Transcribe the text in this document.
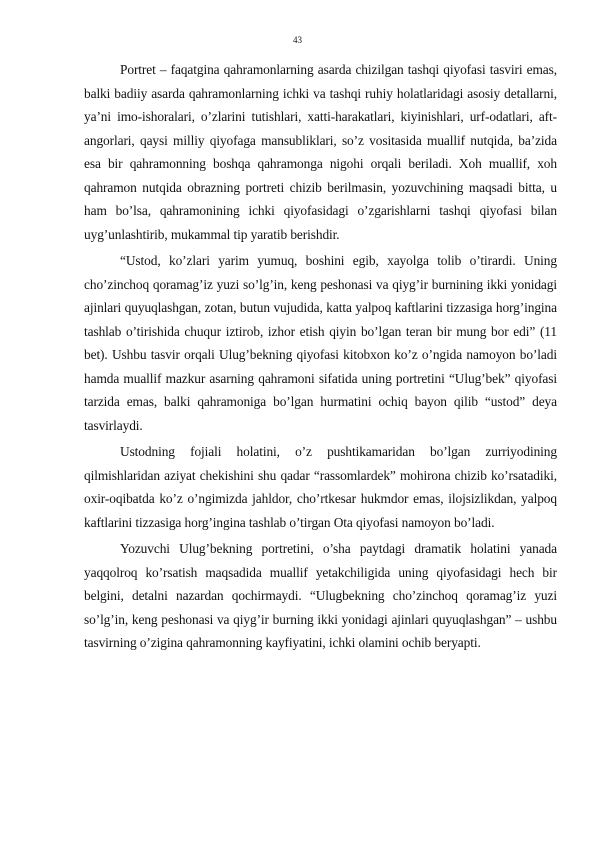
43

Portret – faqatgina qahramonlarning asarda chizilgan tashqi qiyofasi tasviri emas, balki badiiy asarda qahramonlarning ichki va tashqi ruhiy holatlaridagi asosiy detallarni, ya’ni imo-ishoralari, o’zlarini tutishlari, xatti-harakatlari, kiyinishlari, urf-odatlari, aft-angorlari, qaysi milliy qiyofaga mansubliklari, so’z vositasida muallif nutqida, ba’zida esa bir qahramonning boshqa qahramonga nigohi orqali beriladi. Xoh muallif, xoh qahramon nutqida obrazning portreti chizib berilmasin, yozuvchining maqsadi bitta, u ham bo’lsa, qahramonining ichki qiyofasidagi o’zgarishlarni tashqi qiyofasi bilan uyg’unlashtirib, mukammal tip yaratib berishdir.

“Ustod, ko’zlari yarim yumuq, boshini egib, xayolga tolib o’tirardi. Uning cho’zinchoq qoramag’iz yuzi so’lg’in, keng peshonasi va qiyg’ir burnining ikki yonidagi ajinlari quyuqlashgan, zotan, butun vujudida, katta yalpoq kaftlarini tizzasiga horg’ingina tashlab o’tirishida chuqur iztirob, izhor etish qiyin bo’lgan teran bir mung bor edi” (11 bet). Ushbu tasvir orqali Ulug’bekning qiyofasi kitobxon ko’z o’ngida namoyon bo’ladi hamda muallif mazkur asarning qahramoni sifatida uning portretini “Ulug’bek” qiyofasi tarzida emas, balki qahramoniga bo’lgan hurmatini ochiq bayon qilib “ustod” deya tasvirlaydi.

Ustodning fojiali holatini, o’z pushtikamaridan bo’lgan zurriyodining qilmishlaridan aziyat chekishini shu qadar “rassomlardek” mohirona chizib ko’rsatadiki, oxir-oqibatda ko’z o’ngimizda jahldor, cho’rtkesar hukmdor emas, ilojsizlikdan, yalpoq kaftlarini tizzasiga horg’ingina tashlab o’tirgan Ota qiyofasi namoyon bo’ladi.

Yozuvchi Ulug’bekning portretini, o’sha paytdagi dramatik holatini yanada yaqqolroq ko’rsatish maqsadida muallif yetakchiligida uning qiyofasidagi hech bir belgini, detalni nazardan qochirmaydi. “Ulugbekning cho’zinchoq qoramag’iz yuzi so’lg’in, keng peshonasi va qiyg’ir burning ikki yonidagi ajinlari quyuqlashgan” – ushbu tasvirning o’zigina qahramonning kayfiyatini, ichki olamini ochib beryapti.
